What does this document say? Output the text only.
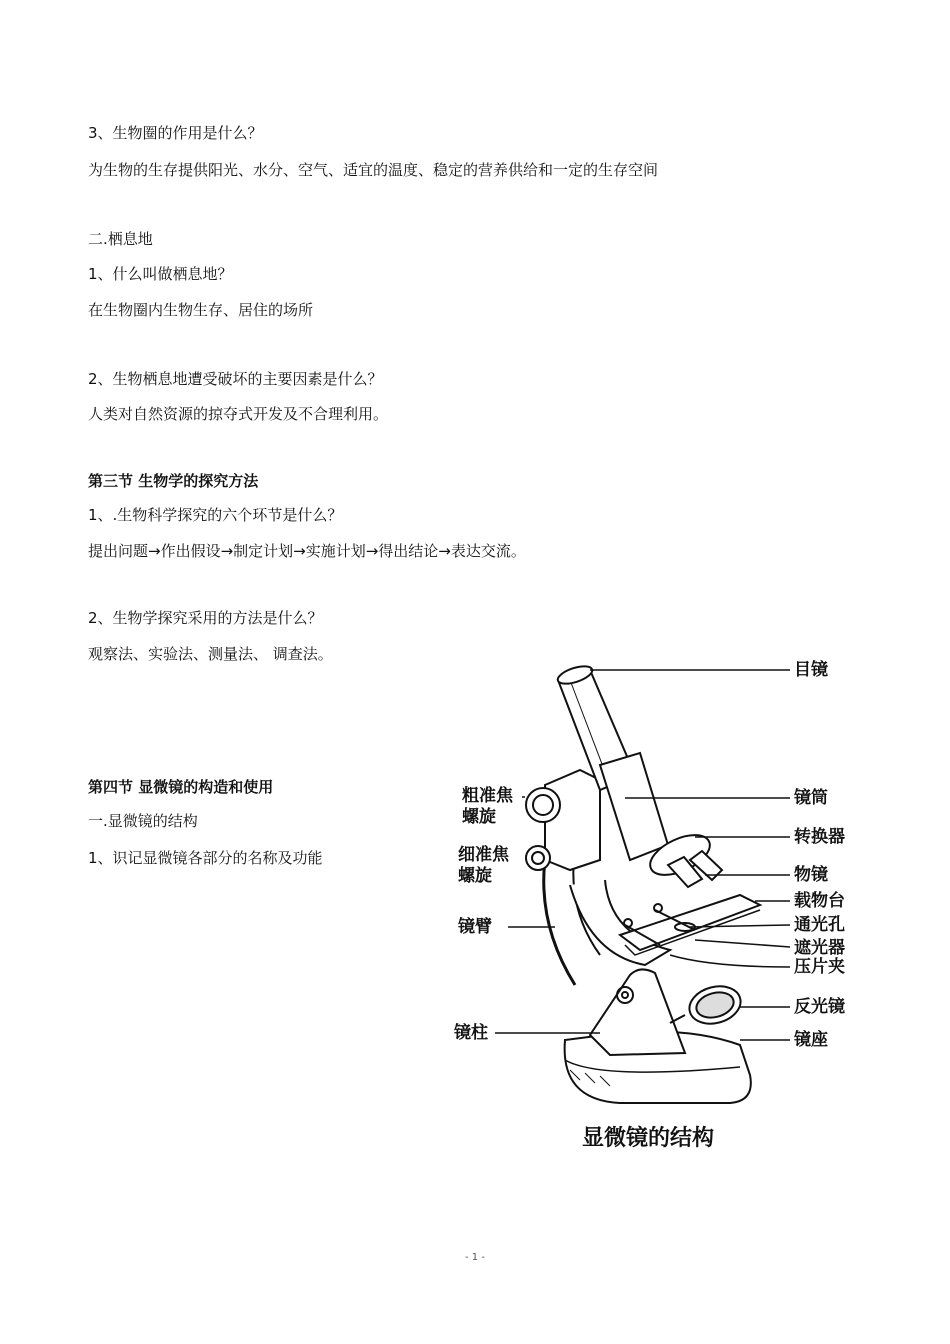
3、生物圈的作用是什么？
为生物的生存提供阳光、水分、空气、适宜的温度、稳定的营养供给和一定的生存空间
二.栖息地
1、什么叫做栖息地？
在生物圈内生物生存、居住的场所
2、生物栖息地遭受破坏的主要因素是什么？
人类对自然资源的掠夺式开发及不合理利用。
第三节 生物学的探究方法
1、.生物科学探究的六个环节是什么？
提出问题→作出假设→制定计划→实施计划→得出结论→表达交流。
2、生物学探究采用的方法是什么？
观察法、实验法、测量法、 调查法。
第四节 显微镜的构造和使用
一.显微镜的结构
1、识记显微镜各部分的名称及功能
目镜
粗准焦
螺旋
镜筒
转换器
细准焦
螺旋	物镜
载物台
通光孔
镜臂
遮光器
压片夹
反光镜
镜柱	镜座
显微镜的结构
- 1 -
